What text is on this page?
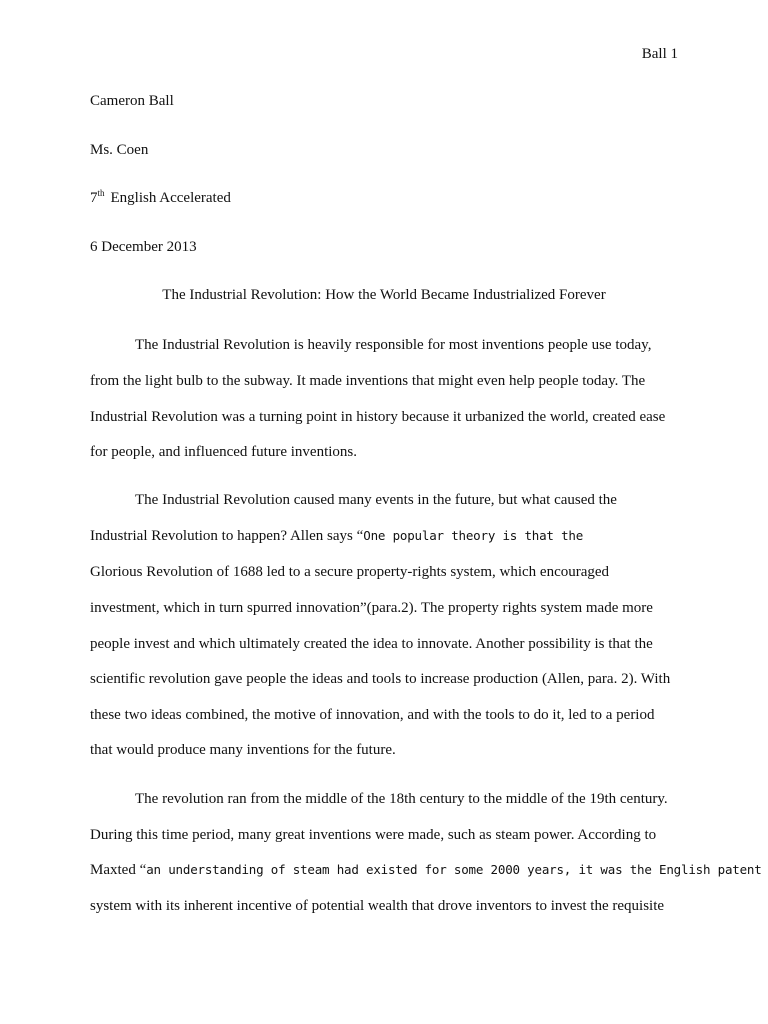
Ball 1
Cameron Ball
Ms. Coen
7th English Accelerated
6 December 2013
The Industrial Revolution: How the World Became Industrialized Forever
The Industrial Revolution is heavily responsible for most inventions people use today,
from the light bulb to the subway. It made inventions that might even help people today. The
Industrial Revolution was a turning point in history because it urbanized the world, created ease
for people, and influenced future inventions.
The Industrial Revolution caused many events in the future, but what caused the
Industrial Revolution to happen? Allen says “One popular theory is that the
Glorious Revolution of 1688 led to a secure property-rights system, which encouraged
investment, which in turn spurred innovation”(para.2). The property rights system made more
people invest and which ultimately created the idea to innovate. Another possibility is that the
scientific revolution gave people the ideas and tools to increase production (Allen, para. 2). With
these two ideas combined, the motive of innovation, and with the tools to do it, led to a period
that would produce many inventions for the future.
The revolution ran from the middle of the 18th century to the middle of the 19th century.
During this time period, many great inventions were made, such as steam power. According to
Maxted “an understanding of steam had existed for some 2000 years, it was the English patent
system with its inherent incentive of potential wealth that drove inventors to invest the requisite
